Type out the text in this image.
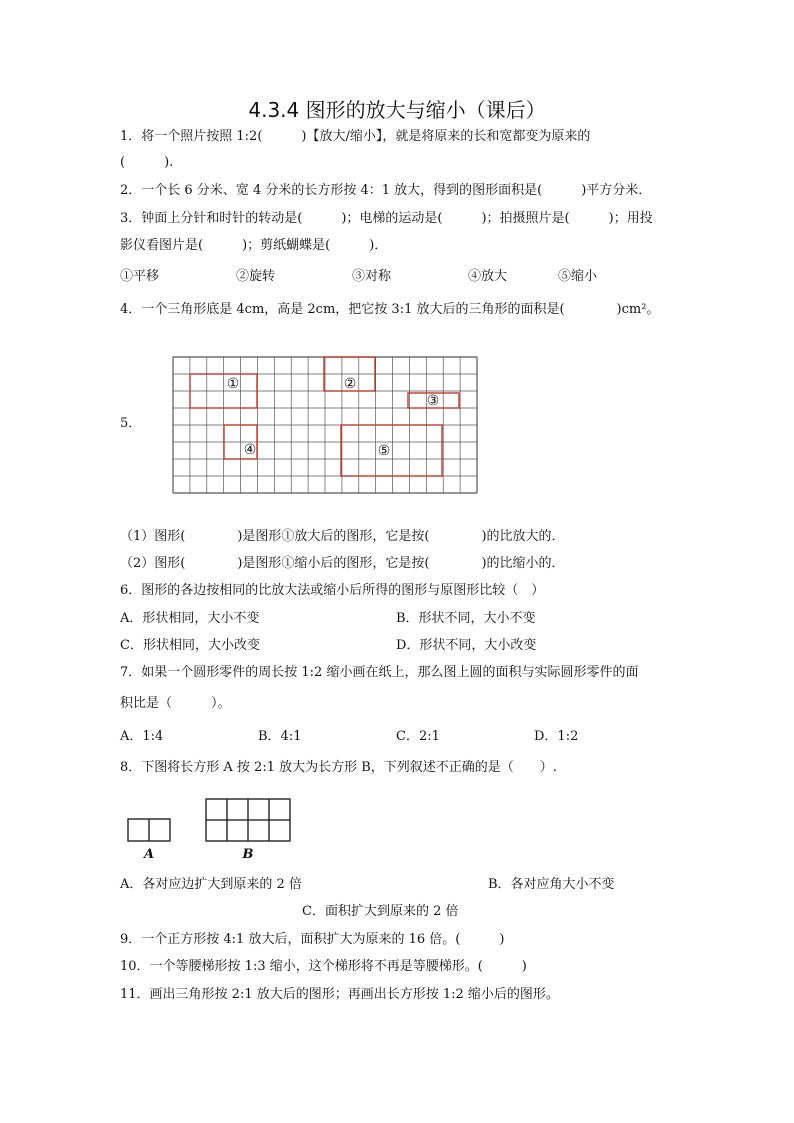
4.3.4 图形的放大与缩小（课后）
1．将一个照片按照 1:2(　　　)【放大/缩小】，就是将原来的长和宽都变为原来的
(　　　).
2．一个长 6 分米、宽 4 分米的长方形按 4：1 放大，得到的图形面积是(　　　)平方分米．
3．钟面上分针和时针的转动是(　　　)；电梯的运动是(　　　)；拍摄照片是(　　　)；用投
影仪看图片是(　　　)；剪纸蝴蝶是(　　　)．
①平移	②旋转	③对称	④放大	⑤缩小
4．一个三角形底是 4cm，高是 2cm，把它按 3:1 放大后的三角形的面积是(　　　　)cm²。
5．
①	②
③
④	⑤
（1）图形(　　　　)是图形①放大后的图形，它是按(　　　　)的比放大的．
（2）图形(　　　　)是图形①缩小后的图形，它是按(　　　　)的比缩小的．
6．图形的各边按相同的比放大法或缩小后所得的图形与原图形比较（　）
A．形状相同，大小不变	B．形状不同，大小不变
C．形状相同，大小改变	D．形状不同，大小改变
7．如果一个圆形零件的周长按 1:2 缩小画在纸上，那么图上圆的面积与实际圆形零件的面
积比是（　　　）。
A．1:4	B．4:1	C．2:1	D．1:2
8．下图将长方形 A 按 2:1 放大为长方形 B，下列叙述不正确的是（　　）.
A	B
A．各对应边扩大到原来的 2 倍	B．各对应角大小不变
C．面积扩大到原来的 2 倍
9．一个正方形按 4:1 放大后，面积扩大为原来的 16 倍。(　　　)
10．一个等腰梯形按 1:3 缩小，这个梯形将不再是等腰梯形。(　　　)
11．画出三角形按 2:1 放大后的图形；再画出长方形按 1:2 缩小后的图形。
